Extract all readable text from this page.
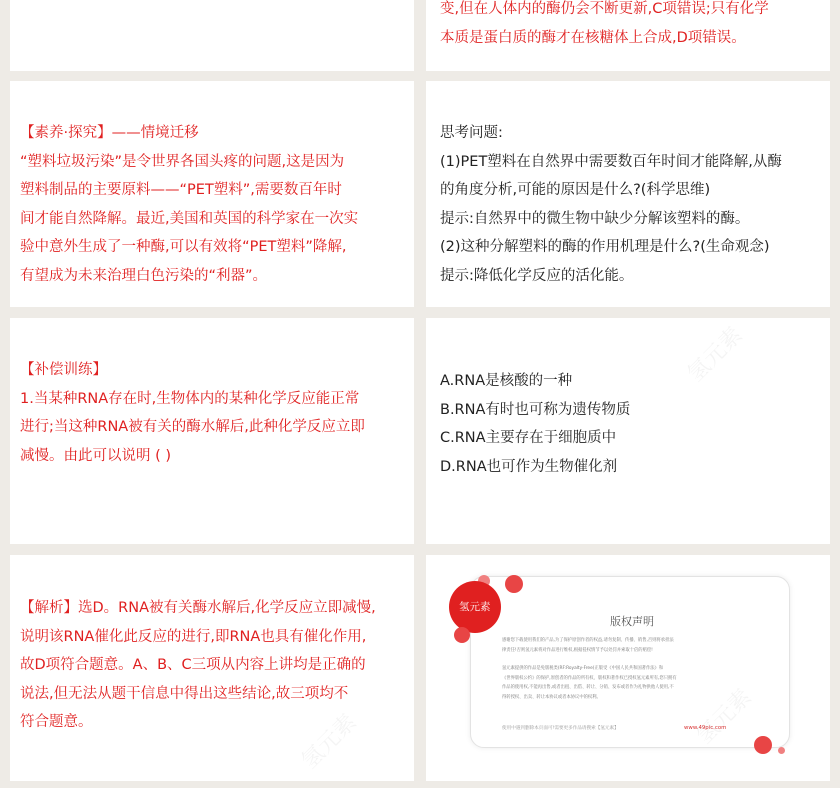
变,但在人体内的酶仍会不断更新,C项错误;只有化学
本质是蛋白质的酶才在核糖体上合成,D项错误。
【素养·探究】——情境迁移
“塑料垃圾污染”是令世界各国头疼的问题,这是因为
塑料制品的主要原料——“PET塑料”,需要数百年时
间才能自然降解。最近,美国和英国的科学家在一次实
验中意外生成了一种酶,可以有效将“PET塑料”降解,
有望成为未来治理白色污染的“利器”。
思考问题:
(1)PET塑料在自然界中需要数百年时间才能降解,从酶
的角度分析,可能的原因是什么?(科学思维)
提示:自然界中的微生物中缺少分解该塑料的酶。
(2)这种分解塑料的酶的作用机理是什么?(生命观念)
提示:降低化学反应的活化能。
【补偿训练】
1.当某种RNA存在时,生物体内的某种化学反应能正常
进行;当这种RNA被有关的酶水解后,此种化学反应立即
减慢。由此可以说明 ( )
A.RNA是核酸的一种
B.RNA有时也可称为遗传物质
C.RNA主要存在于细胞质中
D.RNA也可作为生物催化剂
【解析】选D。RNA被有关酶水解后,化学反应立即减慢,
说明该RNA催化此反应的进行,即RNA也具有催化作用,
故D项符合题意。A、B、C三项从内容上讲均是正确的
说法,但无法从题干信息中得出这些结论,故三项均不
符合题意。
氢元素
版权声明
感谢您下载使用我们的产品,为了保护原创作者的权益,请勿复制、传播、销售,否则将承担法
律责任!否则氢元素将对作品进行维权,根据侵权情节予以处罚并索取十倍的赔偿!
氢元素提供的作品是免版税类(RF:Royalty-Free)正版受《中国人民共和国著作法》和
《世界版权公约》的保护,原创者的作品的所有权、版权和著作权已授权氢元素所有,您只拥有
作品的使用权,不能再出售,或者出租、出借、转让、分销、发布或者作为礼物供他人使用,不
得转授权、出卖、转让本协议或者本协议中的权利。
使用中遇到删除本页面可!需要更多作品请搜索【氢元素】	www.49pic.com
